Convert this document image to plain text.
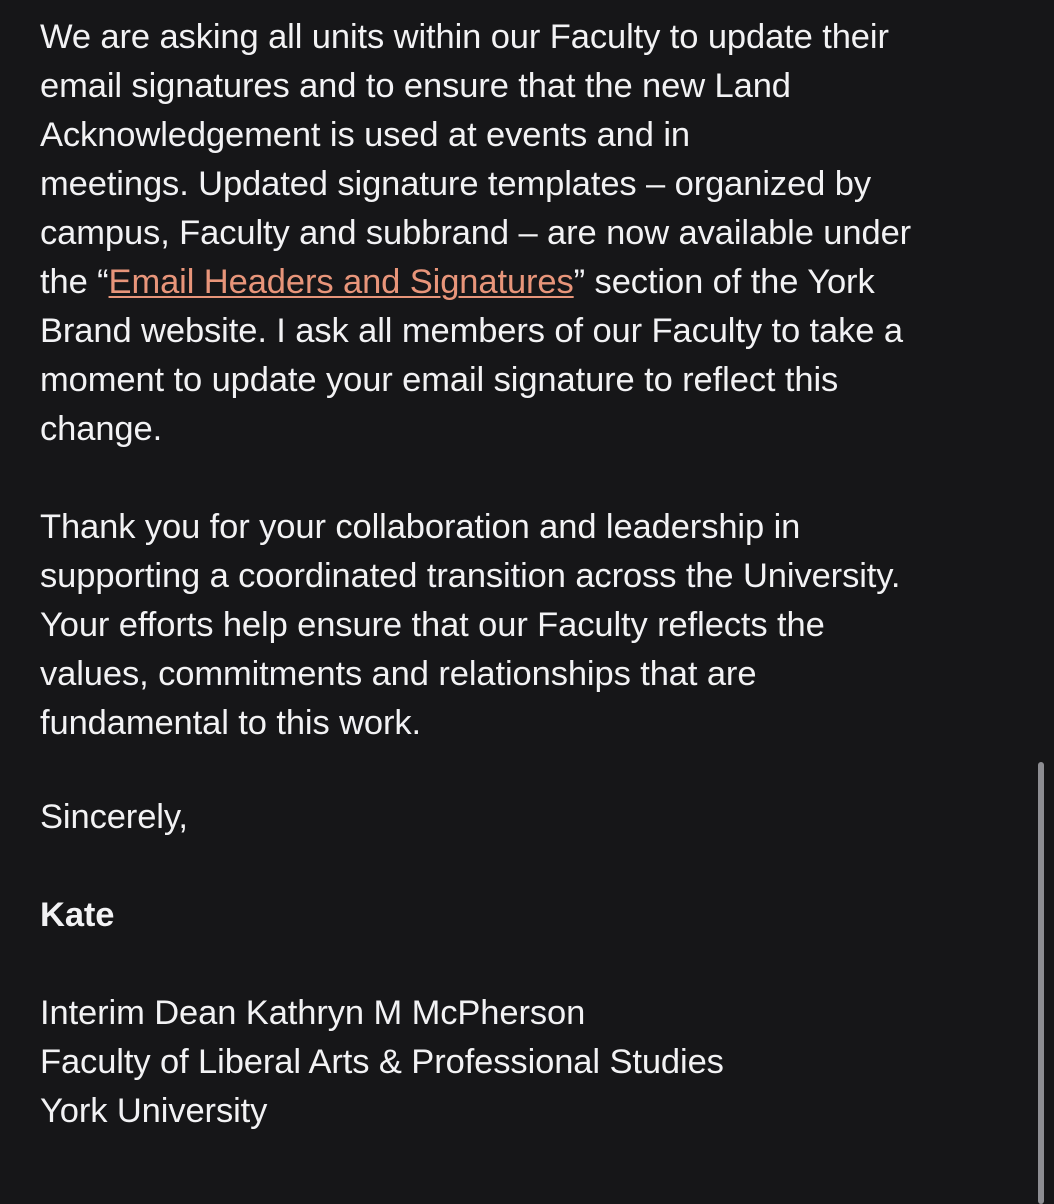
We are asking all units within our Faculty to update their
email signatures and to ensure that the new Land
Acknowledgement is used at events and in
meetings. Updated signature templates – organized by
campus, Faculty and subbrand – are now available under
the “Email Headers and Signatures” section of the York
Brand website. I ask all members of our Faculty to take a
moment to update your email signature to reflect this
change.

Thank you for your collaboration and leadership in
supporting a coordinated transition across the University.
Your efforts help ensure that our Faculty reflects the
values, commitments and relationships that are
fundamental to this work.

Sincerely,

Kate

Interim Dean Kathryn M McPherson
Faculty of Liberal Arts & Professional Studies
York University
